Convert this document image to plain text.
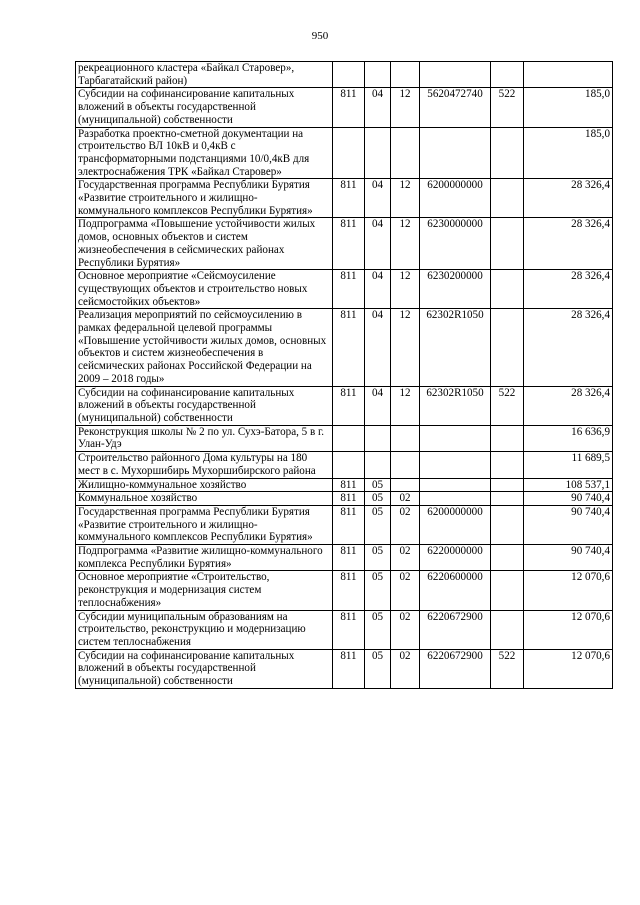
950
рекреационного кластера «Байкал Старовер», Тарбагатайский район)						
Субсидии на софинансирование капитальных вложений в объекты государственной (муниципальной) собственности	811	04	12	5620472740	522	185,0
Разработка проектно-сметной документации на строительство ВЛ 10кВ и 0,4кВ с трансформаторными подстанциями 10/0,4кВ для электроснабжения ТРК «Байкал Старовер»						185,0
Государственная программа Республики Бурятия «Развитие строительного и жилищно-коммунального комплексов Республики Бурятия»	811	04	12	6200000000		28 326,4
Подпрограмма «Повышение устойчивости жилых домов, основных объектов и систем жизнеобеспечения в сейсмических районах Республики Бурятия»	811	04	12	6230000000		28 326,4
Основное мероприятие «Сейсмоусиление существующих объектов и строительство новых сейсмостойких объектов»	811	04	12	6230200000		28 326,4
Реализация мероприятий по сейсмоусилению в рамках федеральной целевой программы «Повышение устойчивости жилых домов, основных объектов и систем жизнеобеспечения в сейсмических районах Российской Федерации на 2009 – 2018 годы»	811	04	12	62302R1050		28 326,4
Субсидии на софинансирование капитальных вложений в объекты государственной (муниципальной) собственности	811	04	12	62302R1050	522	28 326,4
Реконструкция школы № 2 по ул. Сухэ-Батора, 5 в г. Улан-Удэ						16 636,9
Строительство районного Дома культуры на 180 мест в с. Мухоршибирь Мухоршибирского района						11 689,5
Жилищно-коммунальное хозяйство	811	05				108 537,1
Коммунальное хозяйство	811	05	02			90 740,4
Государственная программа Республики Бурятия «Развитие строительного и жилищно-коммунального комплексов Республики Бурятия»	811	05	02	6200000000		90 740,4
Подпрограмма «Развитие жилищно-коммунального комплекса Республики Бурятия»	811	05	02	6220000000		90 740,4
Основное мероприятие «Строительство, реконструкция и модернизация систем теплоснабжения»	811	05	02	6220600000		12 070,6
Субсидии муниципальным образованиям на строительство, реконструкцию и модернизацию систем теплоснабжения	811	05	02	6220672900		12 070,6
Субсидии на софинансирование капитальных вложений в объекты государственной (муниципальной) собственности	811	05	02	6220672900	522	12 070,6
